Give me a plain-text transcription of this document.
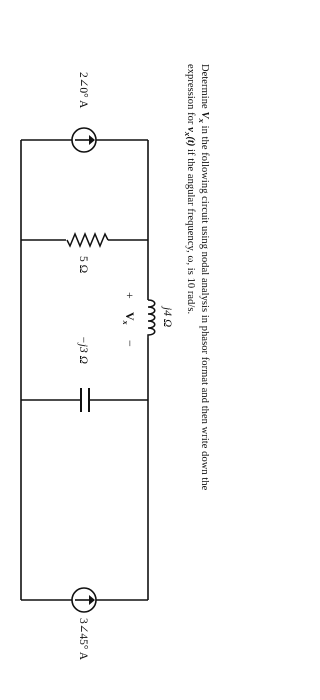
Determine $V_x$ in the following circuit using nodal analysis in phasor format and then write down the
expression for $v_x(t)$ if the angular frequency, ω, is 10 rad/s.
2∠0° A
j4 Ω
+
$V_x$
−
5 Ω
−j3 Ω
3∠45° A
